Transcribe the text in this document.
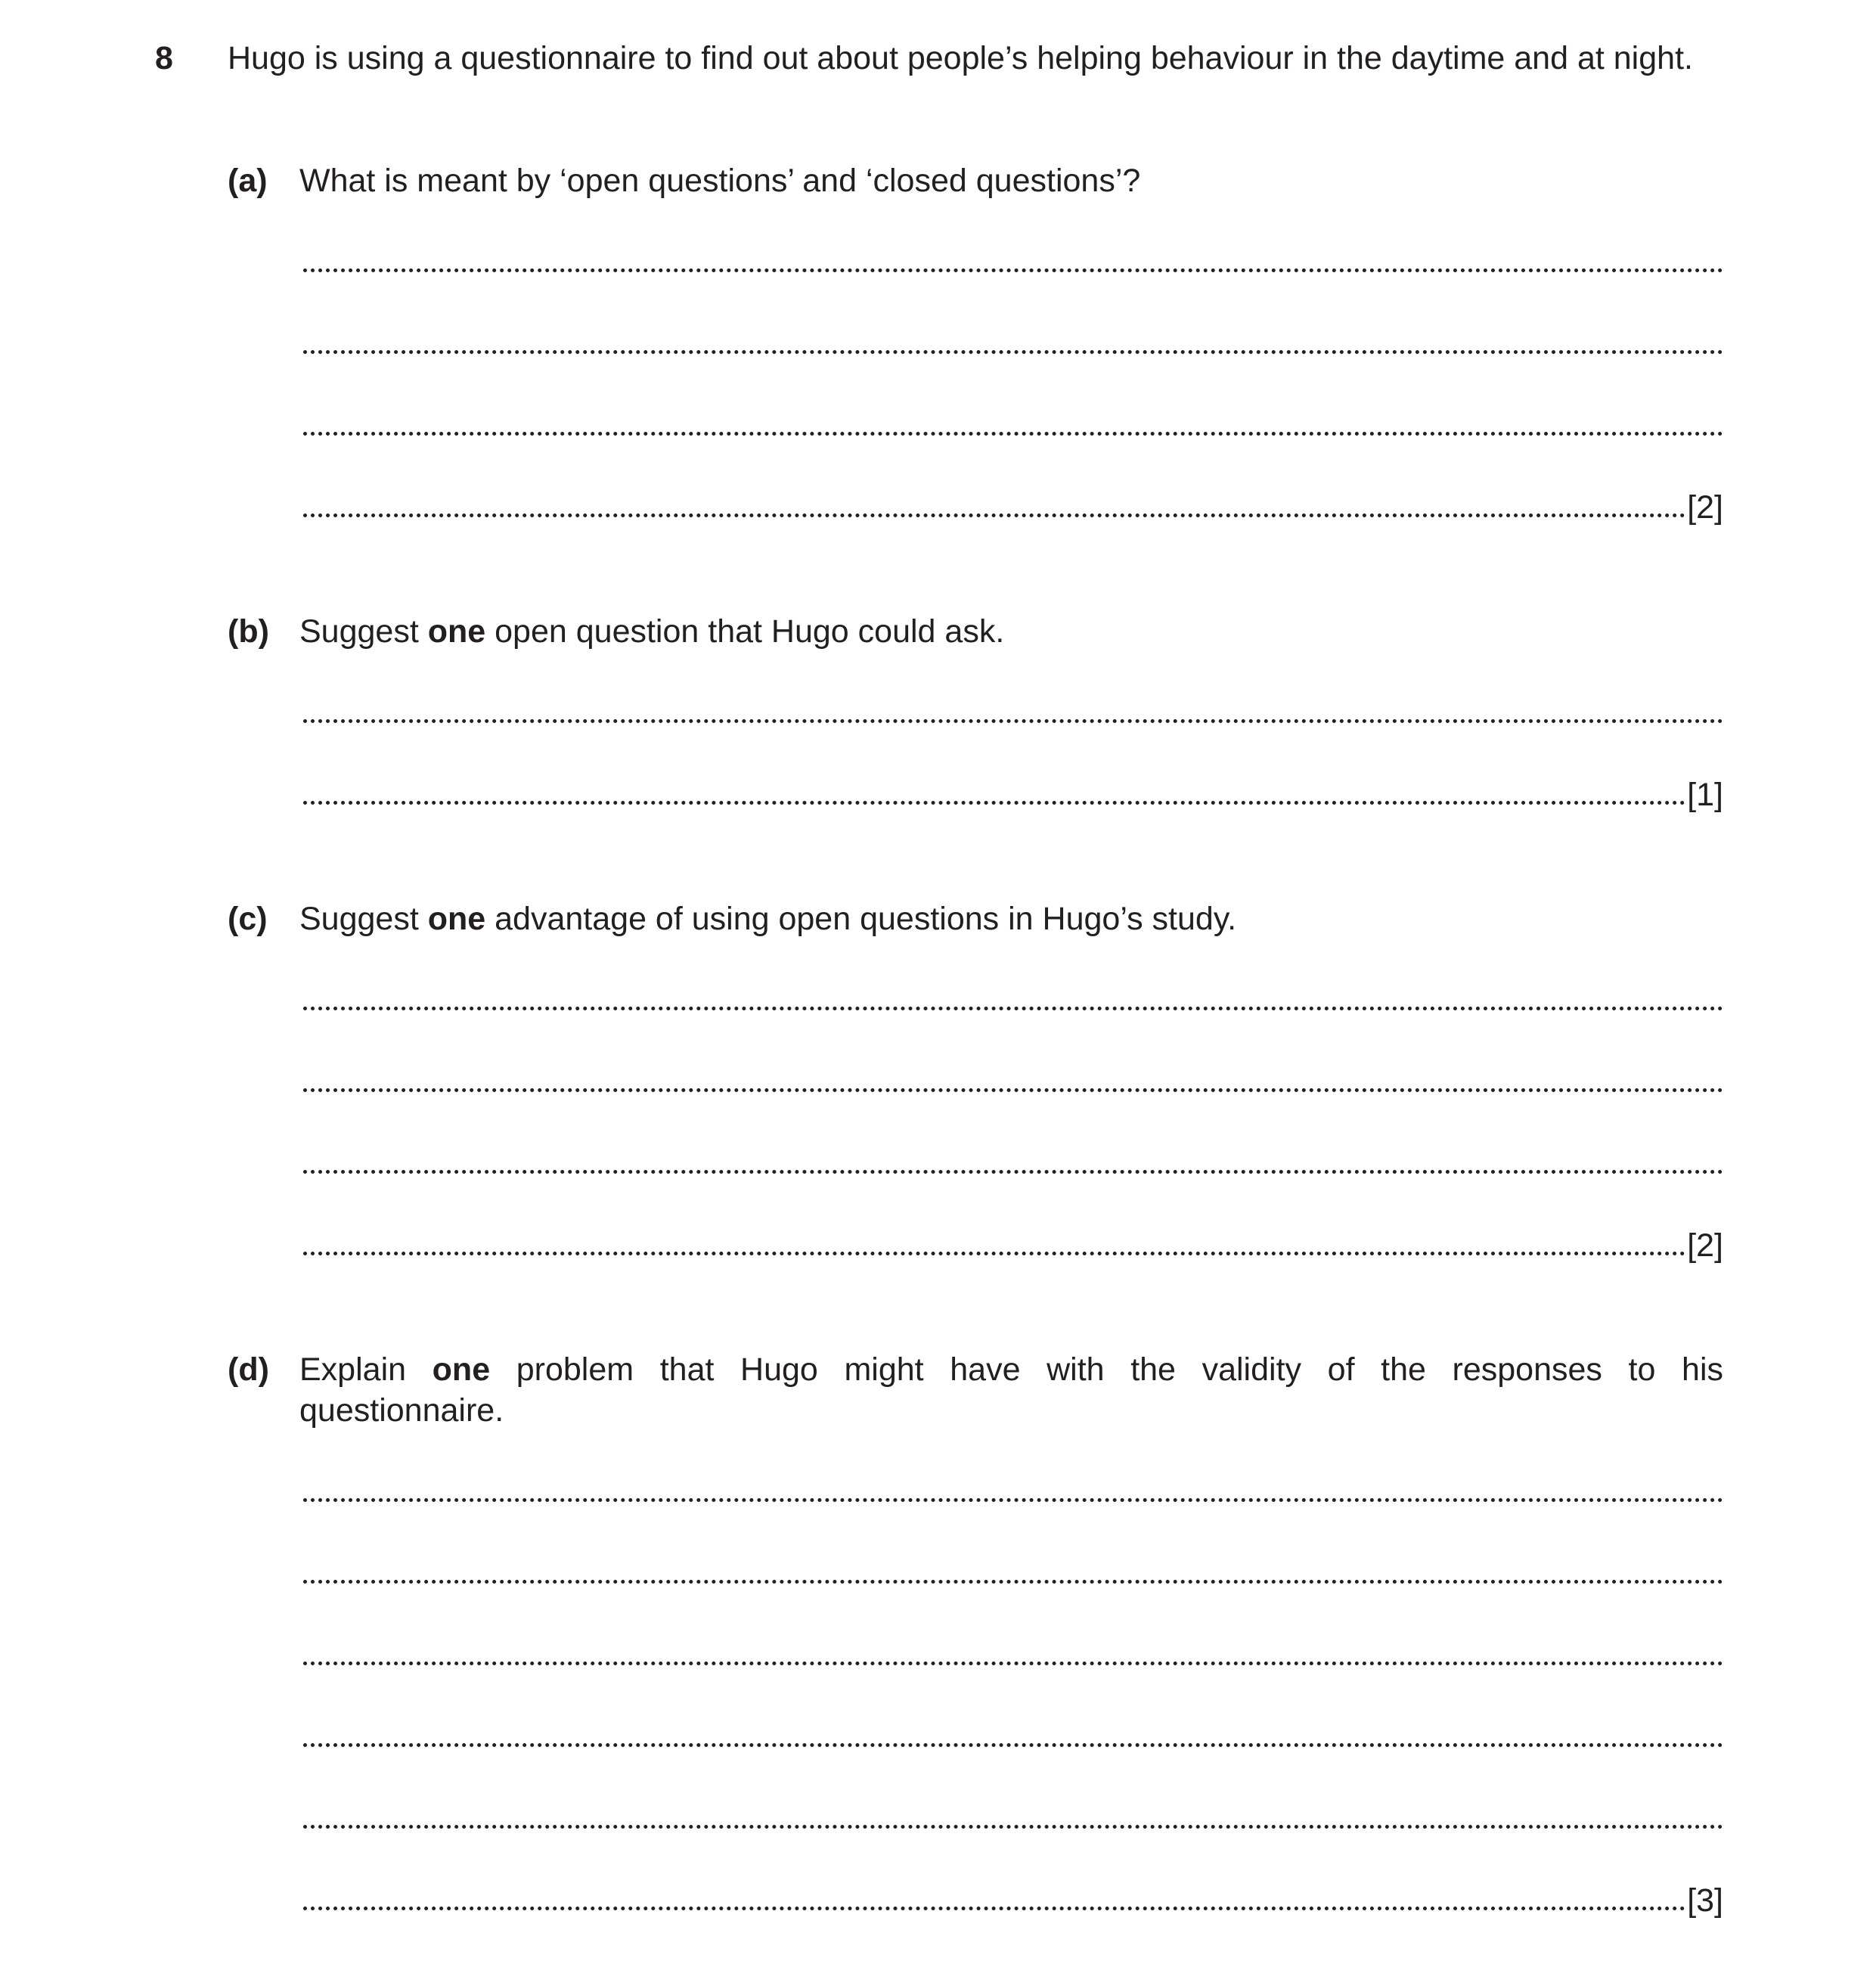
8 Hugo is using a questionnaire to find out about people’s helping behaviour in the daytime and at night.
(a) What is meant by ‘open questions’ and ‘closed questions’?
[2]
(b) Suggest one open question that Hugo could ask.
[1]
(c) Suggest one advantage of using open questions in Hugo’s study.
[2]
(d) Explain one problem that Hugo might have with the validity of the responses to his
questionnaire.
[3]
